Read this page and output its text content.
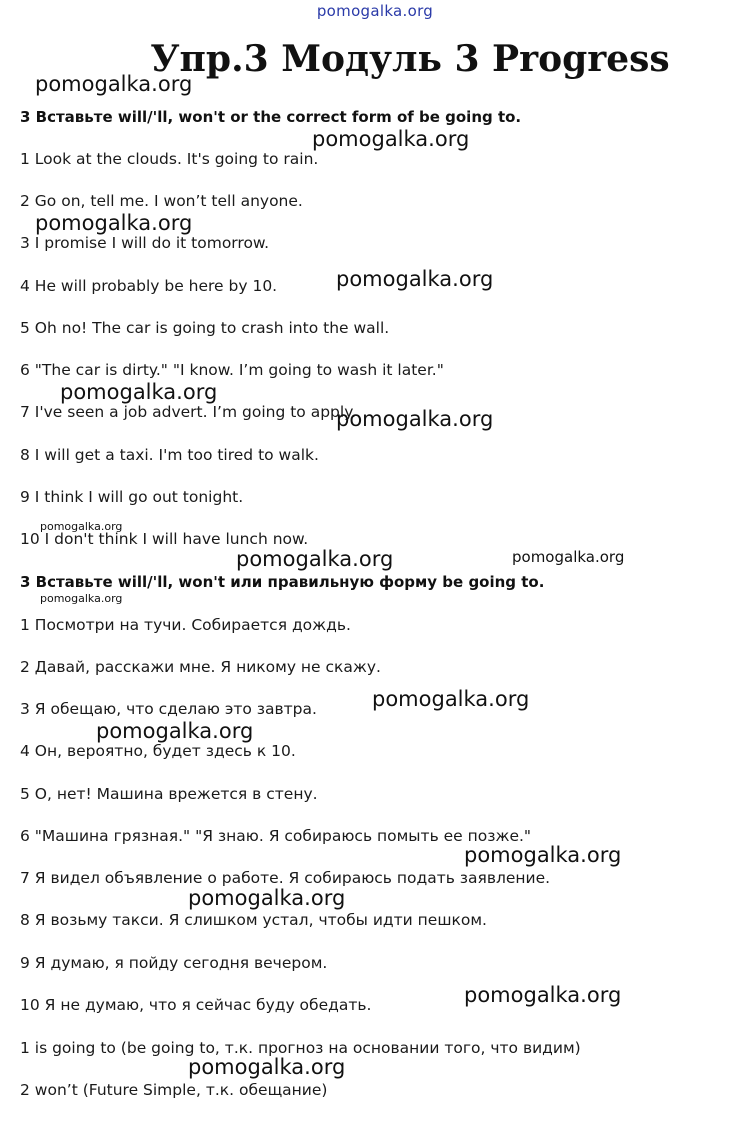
pomogalka.org
Упр.3 Модуль 3 Progress
3 Вставьте will/'ll, won't or the correct form of be going to.
1 Look at the clouds. It's going to rain.
2 Go on, tell me. I won’t tell anyone.
3 I promise I will do it tomorrow.
4 He will probably be here by 10.
5 Oh no! The car is going to crash into the wall.
6 "The car is dirty." "I know. I’m going to wash it later."
7 I've seen a job advert. I’m going to apply.
8 I will get a taxi. I'm too tired to walk.
9 I think I will go out tonight.
10 I don't think I will have lunch now.
3 Вставьте will/'ll, won't или правильную форму be going to.
1 Посмотри на тучи. Собирается дождь.
2 Давай, расскажи мне. Я никому не скажу.
3 Я обещаю, что сделаю это завтра.
4 Он, вероятно, будет здесь к 10.
5 О, нет! Машина врежется в стену.
6 "Машина грязная." "Я знаю. Я собираюсь помыть ее позже."
7 Я видел объявление о работе. Я собираюсь подать заявление.
8 Я возьму такси. Я слишком устал, чтобы идти пешком.
9 Я думаю, я пойду сегодня вечером.
10 Я не думаю, что я сейчас буду обедать.
1 is going to (be going to, т.к. прогноз на основании того, что видим)
2 won’t (Future Simple, т.к. обещание)
pomogalka.org
pomogalka.org
pomogalka.org
pomogalka.org
pomogalka.org
pomogalka.org
pomogalka.org
pomogalka.org
pomogalka.org
pomogalka.org
pomogalka.org
pomogalka.org
pomogalka.org
pomogalka.org
pomogalka.org
pomogalka.org
